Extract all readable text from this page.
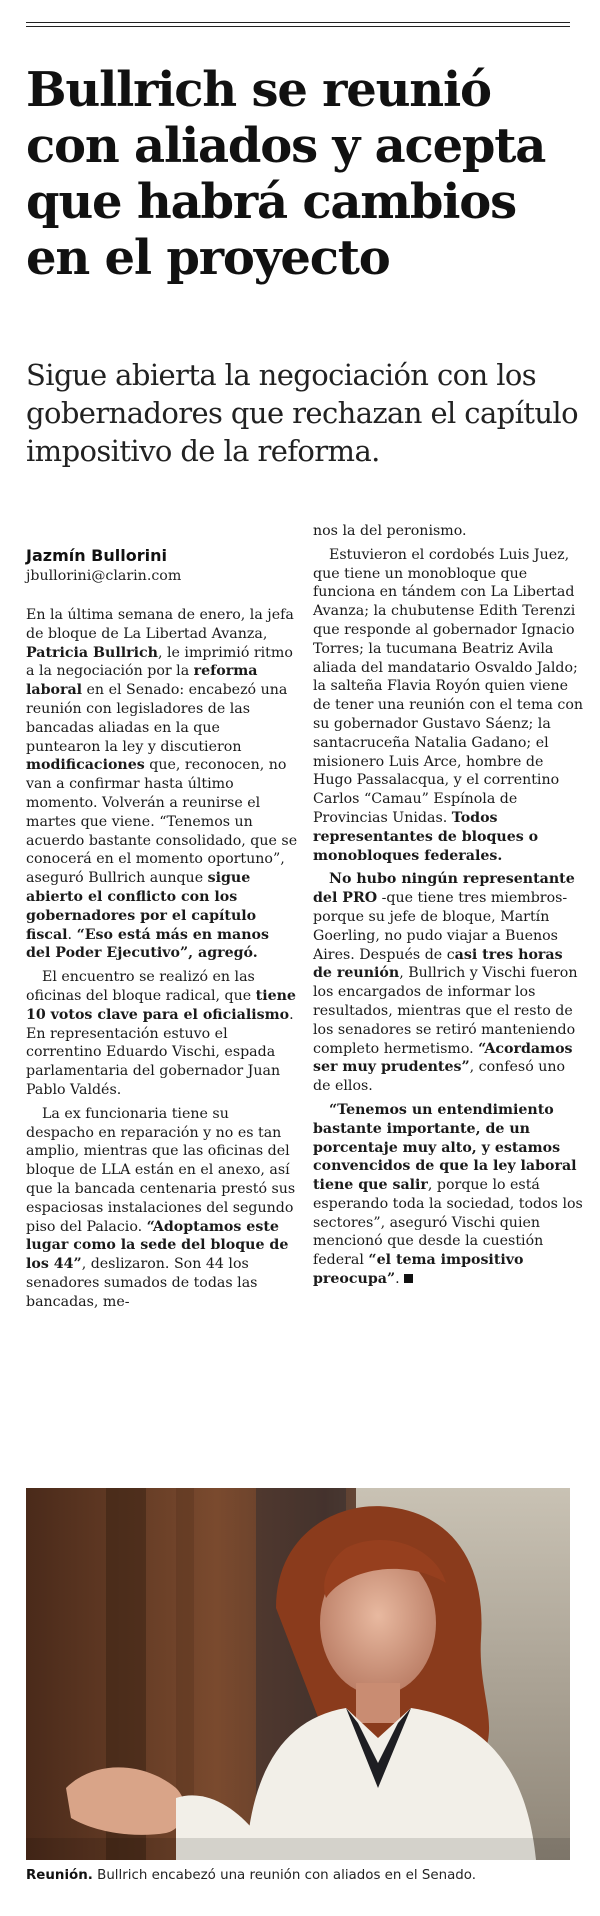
Bullrich se reunió con aliados y acepta que habrá cambios en el proyecto

Sigue abierta la negociación con los gobernadores que rechazan el capítulo impositivo de la reforma.

Jazmín Bullorini
jbullorini@clarin.com

En la última semana de enero, la jefa de bloque de La Libertad Avanza, Patricia Bullrich, le imprimió ritmo a la negociación por la reforma laboral en el Senado: encabezó una reunión con legisladores de las bancadas aliadas en la que puntearon la ley y discutieron modificaciones que, reconocen, no van a confirmar hasta último momento. Volverán a reunirse el martes que viene. “Tenemos un acuerdo bastante consolidado, que se conocerá en el momento oportuno”, aseguró Bullrich aunque sigue abierto el conflicto con los gobernadores por el capítulo fiscal. “Eso está más en manos del Poder Ejecutivo”, agregó.

El encuentro se realizó en las oficinas del bloque radical, que tiene 10 votos clave para el oficialismo. En representación estuvo el correntino Eduardo Vischi, espada parlamentaria del gobernador Juan Pablo Valdés.

La ex funcionaria tiene su despacho en reparación y no es tan amplio, mientras que las oficinas del bloque de LLA están en el anexo, así que la bancada centenaria prestó sus espaciosas instalaciones del segundo piso del Palacio. “Adoptamos este lugar como la sede del bloque de los 44”, deslizaron. Son 44 los senadores sumados de todas las bancadas, me-

nos la del peronismo.

Estuvieron el cordobés Luis Juez, que tiene un monobloque que funciona en tándem con La Libertad Avanza; la chubutense Edith Terenzi que responde al gobernador Ignacio Torres; la tucumana Beatriz Avila aliada del mandatario Osvaldo Jaldo; la salteña Flavia Royón quien viene de tener una reunión con el tema con su gobernador Gustavo Sáenz; la santacruceña Natalia Gadano; el misionero Luis Arce, hombre de Hugo Passalacqua, y el correntino Carlos “Camau” Espínola de Provincias Unidas. Todos representantes de bloques o monobloques federales.

No hubo ningún representante del PRO -que tiene tres miembros- porque su jefe de bloque, Martín Goerling, no pudo viajar a Buenos Aires. Después de casi tres horas de reunión, Bullrich y Vischi fueron los encargados de informar los resultados, mientras que el resto de los senadores se retiró manteniendo completo hermetismo. “Acordamos ser muy prudentes”, confesó uno de ellos.

“Tenemos un entendimiento bastante importante, de un porcentaje muy alto, y estamos convencidos de que la ley laboral tiene que salir, porque lo está esperando toda la sociedad, todos los sectores”, aseguró Vischi quien mencionó que desde la cuestión federal “el tema impositivo preocupa”.

Reunión. Bullrich encabezó una reunión con aliados en el Senado.
